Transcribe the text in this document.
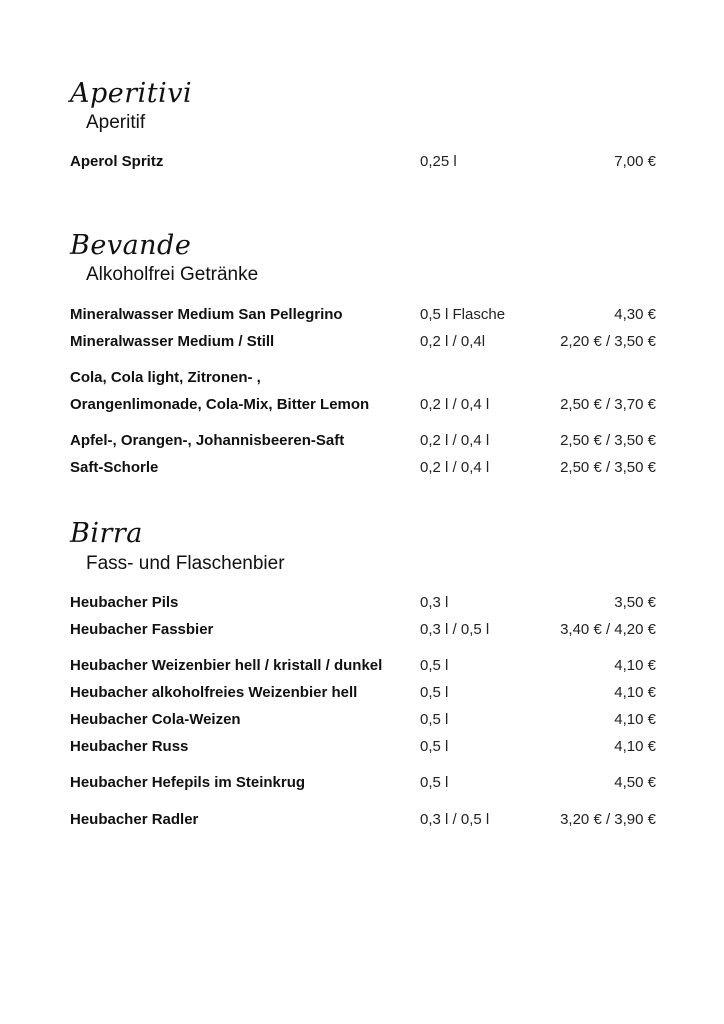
Aperitivi
Aperitif
Aperol Spritz	0,25 l	7,00 €
Bevande
Alkoholfrei Getränke
Mineralwasser Medium San Pellegrino	0,5 l Flasche	4,30 €
Mineralwasser Medium / Still	0,2 l / 0,4l	2,20 € / 3,50 €
Cola, Cola light, Zitronen- ,
Orangenlimonade, Cola-Mix, Bitter Lemon	0,2 l / 0,4 l	2,50 € / 3,70 €
Apfel-, Orangen-, Johannisbeeren-Saft	0,2 l / 0,4 l	2,50 € / 3,50 €
Saft-Schorle	0,2 l / 0,4 l	2,50 € / 3,50 €
Birra
Fass- und Flaschenbier
Heubacher Pils	0,3 l	3,50 €
Heubacher Fassbier	0,3 l / 0,5 l	3,40 € / 4,20 €
Heubacher Weizenbier hell / kristall / dunkel	0,5 l	4,10 €
Heubacher alkoholfreies Weizenbier hell	0,5 l	4,10 €
Heubacher Cola-Weizen	0,5 l	4,10 €
Heubacher Russ	0,5 l	4,10 €
Heubacher Hefepils im Steinkrug	0,5 l	4,50 €
Heubacher Radler	0,3 l / 0,5 l	3,20 € / 3,90 €
